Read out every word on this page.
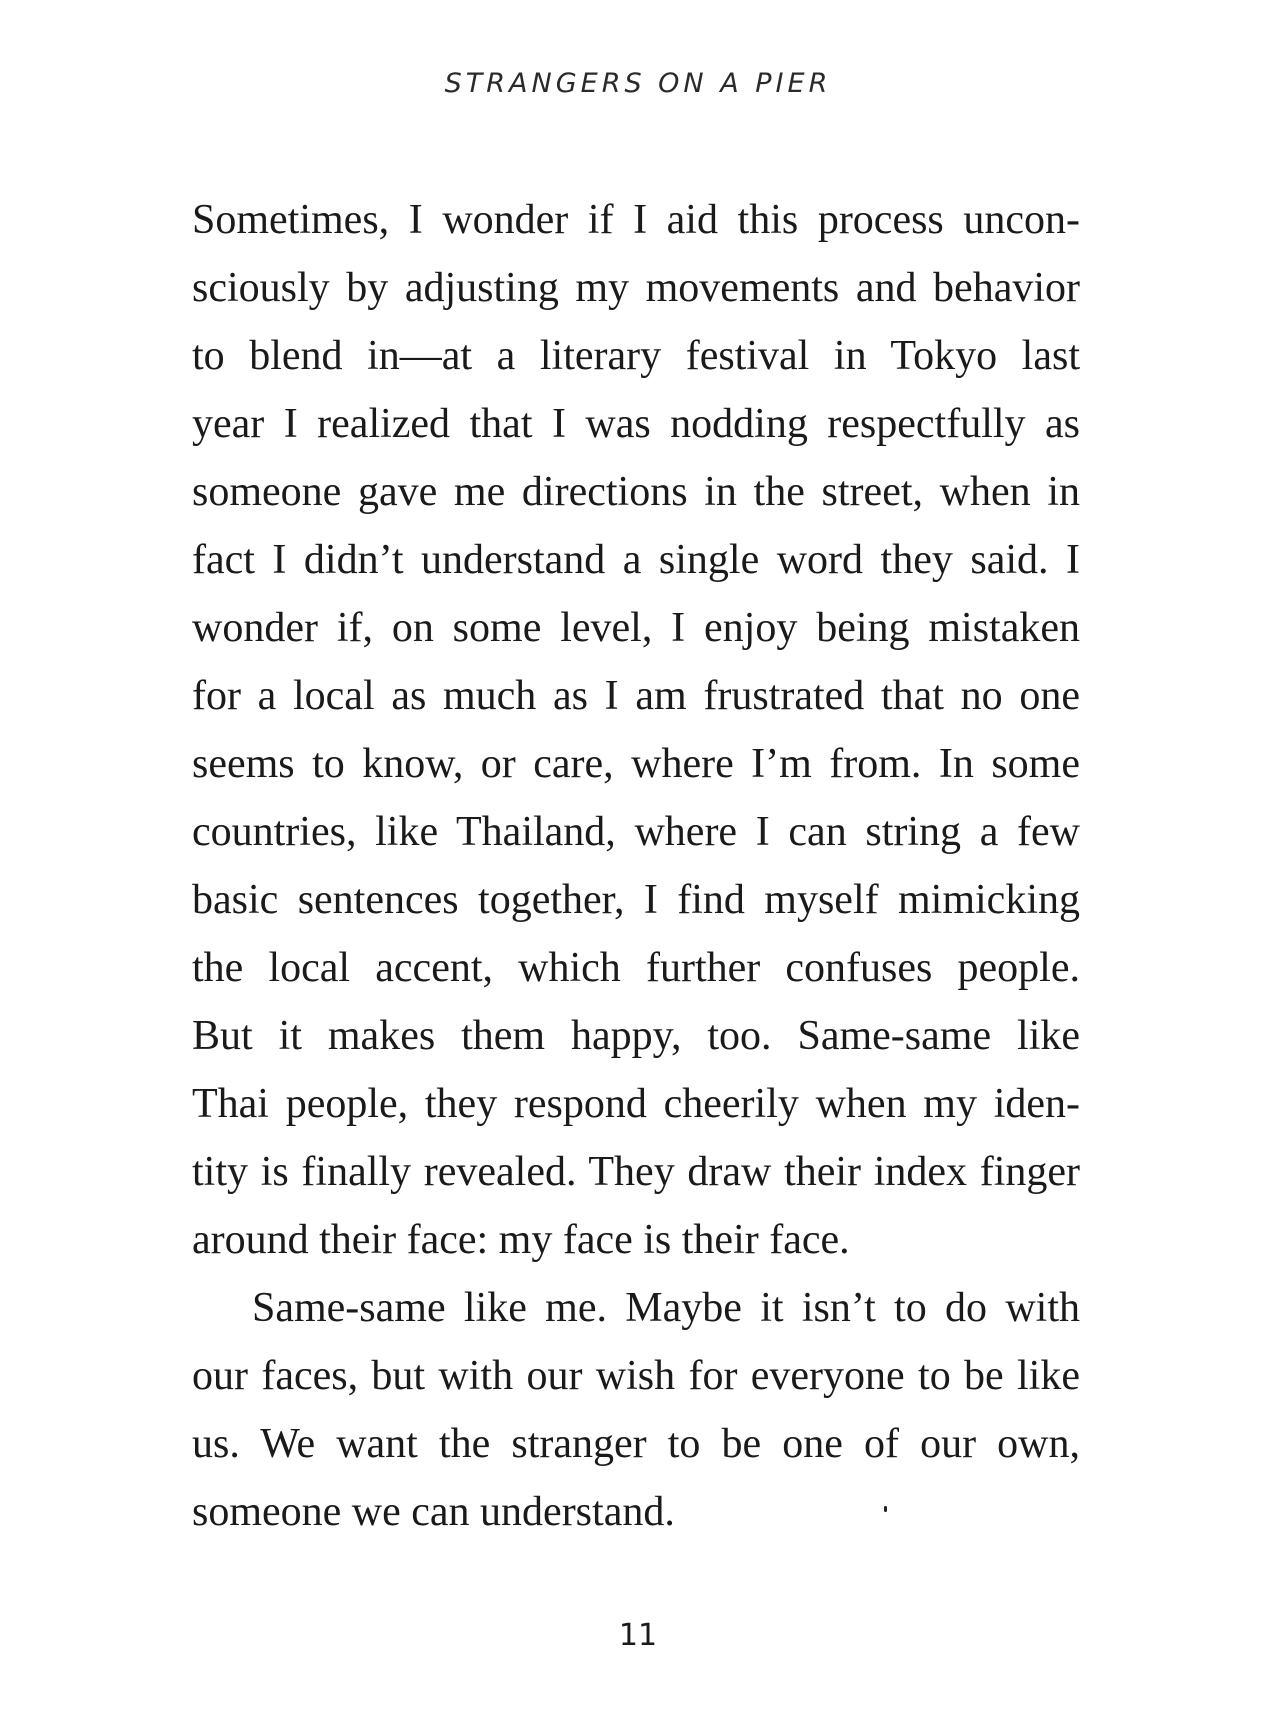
STRANGERS ON A PIER

Sometimes, I wonder if I aid this process uncon-
sciously by adjusting my movements and behavior
to blend in—at a literary festival in Tokyo last
year I realized that I was nodding respectfully as
someone gave me directions in the street, when in
fact I didn’t understand a single word they said. I
wonder if, on some level, I enjoy being mistaken
for a local as much as I am frustrated that no one
seems to know, or care, where I’m from. In some
countries, like Thailand, where I can string a few
basic sentences together, I find myself mimicking
the local accent, which further confuses people.
But it makes them happy, too. Same-same like
Thai people, they respond cheerily when my iden-
tity is finally revealed. They draw their index finger
around their face: my face is their face.

Same-same like me. Maybe it isn’t to do with
our faces, but with our wish for everyone to be like
us. We want the stranger to be one of our own,
someone we can understand.

11
